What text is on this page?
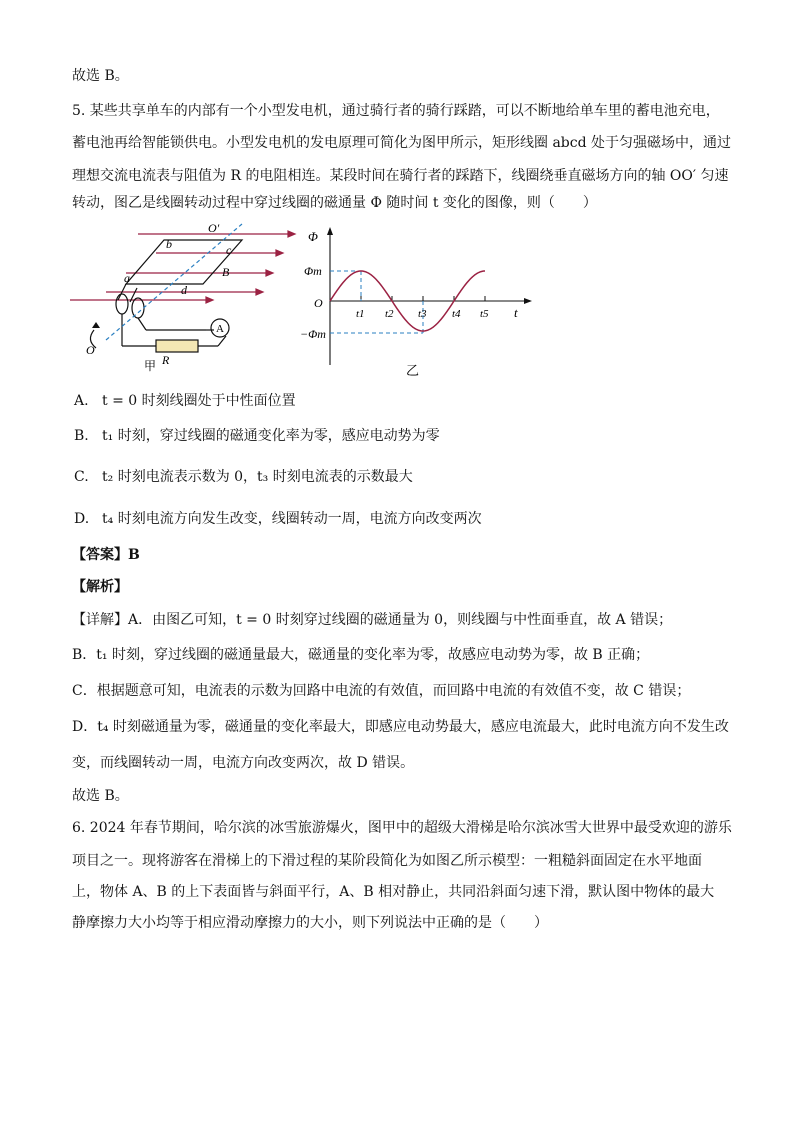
故选 B。
5. 某些共享单车的内部有一个小型发电机，通过骑行者的骑行踩踏，可以不断地给单车里的蓄电池充电，
蓄电池再给智能锁供电。小型发电机的发电原理可简化为图甲所示，矩形线圈 abcd 处于匀强磁场中，通过
理想交流电流表与阻值为 R 的电阻相连。某段时间在骑行者的踩踏下，线圈绕垂直磁场方向的轴 OO′ 匀速
转动，图乙是线圈转动过程中穿过线圈的磁通量 Φ 随时间 t 变化的图像，则（　　）
O′
b	c
B
a
d
A
R
O
甲
Φ
Φm
O
−Φm
t1 t2 t3 t4 t5 t
乙
A. t = 0 时刻线圈处于中性面位置
B. t₁ 时刻，穿过线圈的磁通变化率为零，感应电动势为零
C. t₂ 时刻电流表示数为 0，t₃ 时刻电流表的示数最大
D. t₄ 时刻电流方向发生改变，线圈转动一周，电流方向改变两次
【答案】B
【解析】
【详解】A．由图乙可知，t = 0 时刻穿过线圈的磁通量为 0，则线圈与中性面垂直，故 A 错误；
B．t₁ 时刻，穿过线圈的磁通量最大，磁通量的变化率为零，故感应电动势为零，故 B 正确；
C．根据题意可知，电流表的示数为回路中电流的有效值，而回路中电流的有效值不变，故 C 错误；
D．t₄ 时刻磁通量为零，磁通量的变化率最大，即感应电动势最大，感应电流最大，此时电流方向不发生改
变，而线圈转动一周，电流方向改变两次，故 D 错误。
故选 B。
6. 2024 年春节期间，哈尔滨的冰雪旅游爆火，图甲中的超级大滑梯是哈尔滨冰雪大世界中最受欢迎的游乐
项目之一。现将游客在滑梯上的下滑过程的某阶段简化为如图乙所示模型：一粗糙斜面固定在水平地面
上，物体 A、B 的上下表面皆与斜面平行，A、B 相对静止，共同沿斜面匀速下滑，默认图中物体的最大
静摩擦力大小均等于相应滑动摩擦力的大小，则下列说法中正确的是（　　）
